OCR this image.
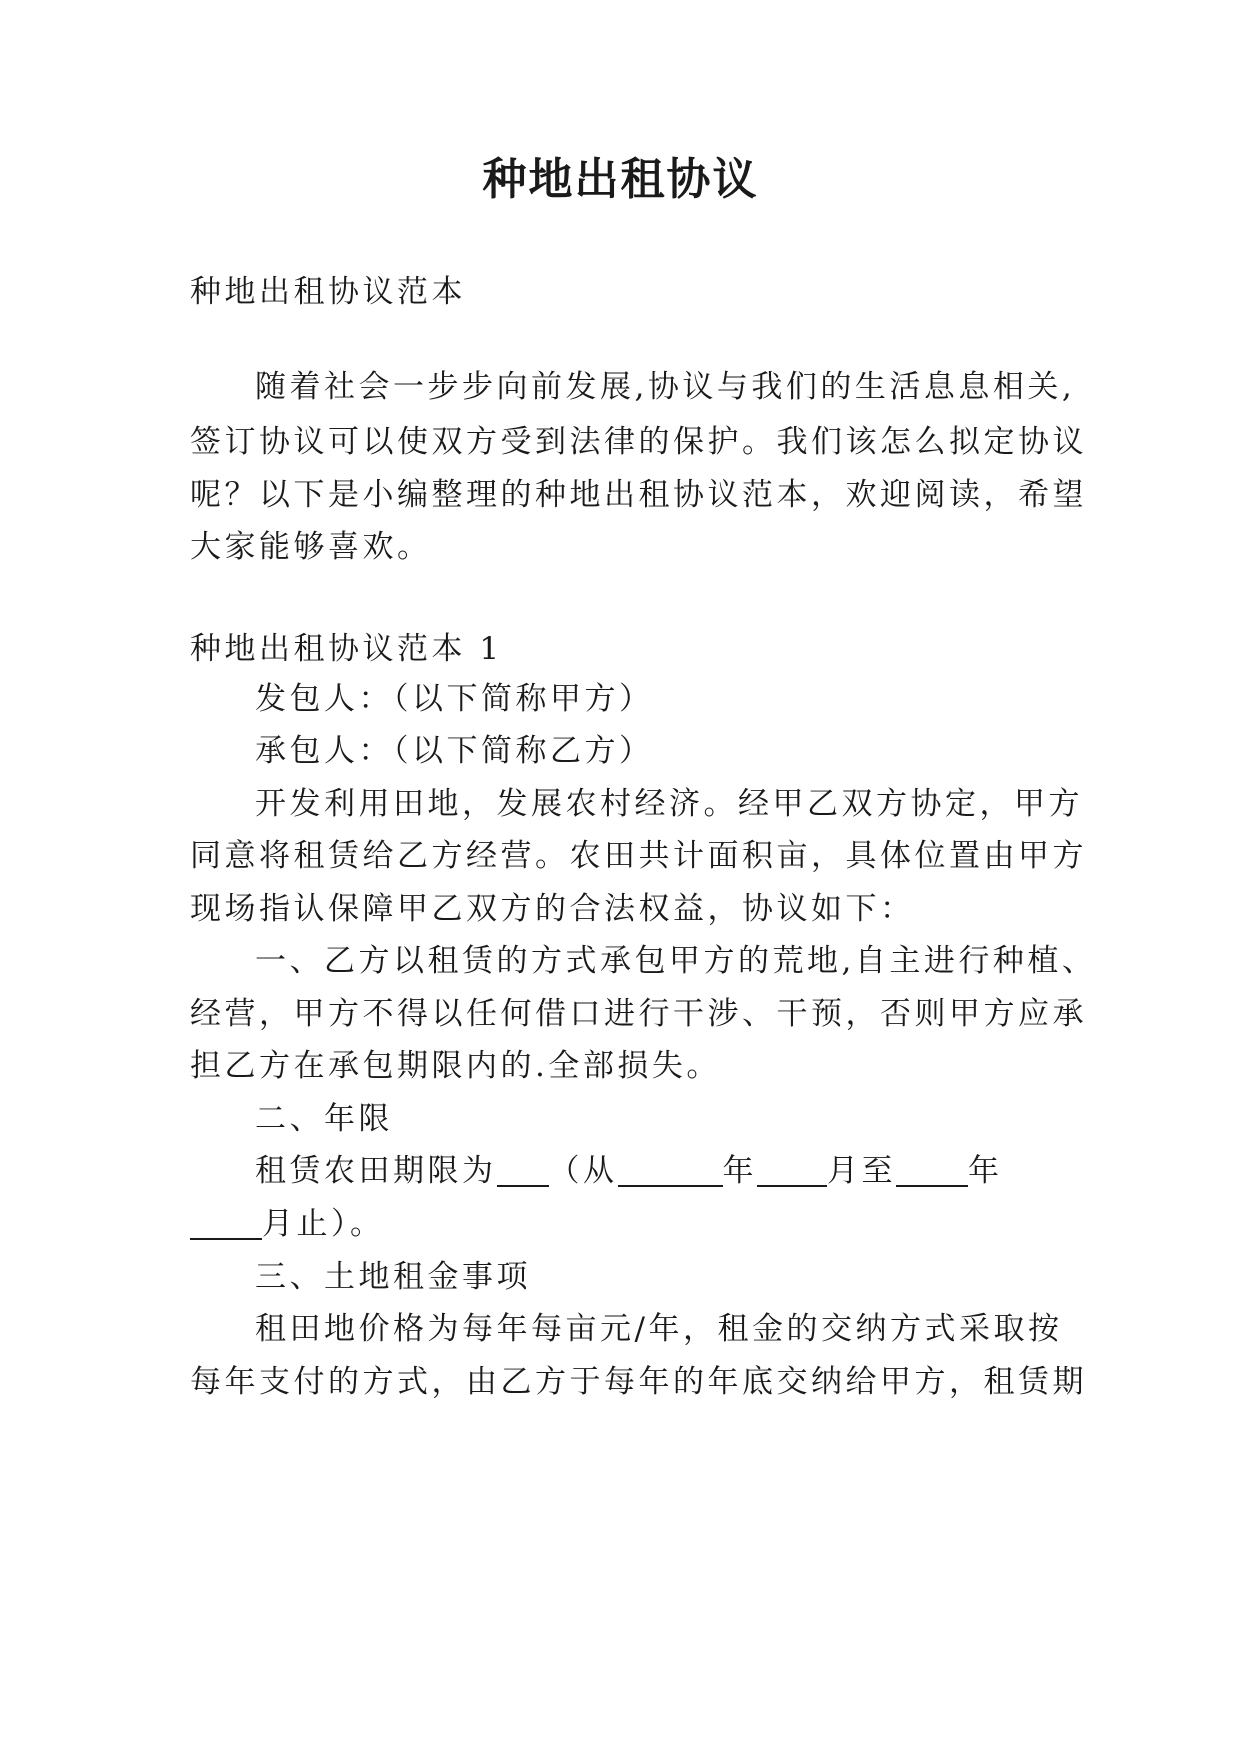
种地出租协议
种地出租协议范本
随着社会一步步向前发展,协议与我们的生活息息相关,
签订协议可以使双方受到法律的保护。我们该怎么拟定协议
呢？以下是小编整理的种地出租协议范本，欢迎阅读，希望
大家能够喜欢。
种地出租协议范本 1
发包人：（以下简称甲方）
承包人：（以下简称乙方）
开发利用田地，发展农村经济。经甲乙双方协定，甲方
同意将租赁给乙方经营。农田共计面积亩，具体位置由甲方
现场指认保障甲乙双方的合法权益，协议如下：
一、乙方以租赁的方式承包甲方的荒地,自主进行种植、
经营，甲方不得以任何借口进行干涉、干预，否则甲方应承
担乙方在承包期限内的.全部损失。
二、年限
租赁农田期限为 （从	年 月至 年
月止）。
三、土地租金事项
租田地价格为每年每亩元/年，租金的交纳方式采取按
每年支付的方式，由乙方于每年的年底交纳给甲方，租赁期
